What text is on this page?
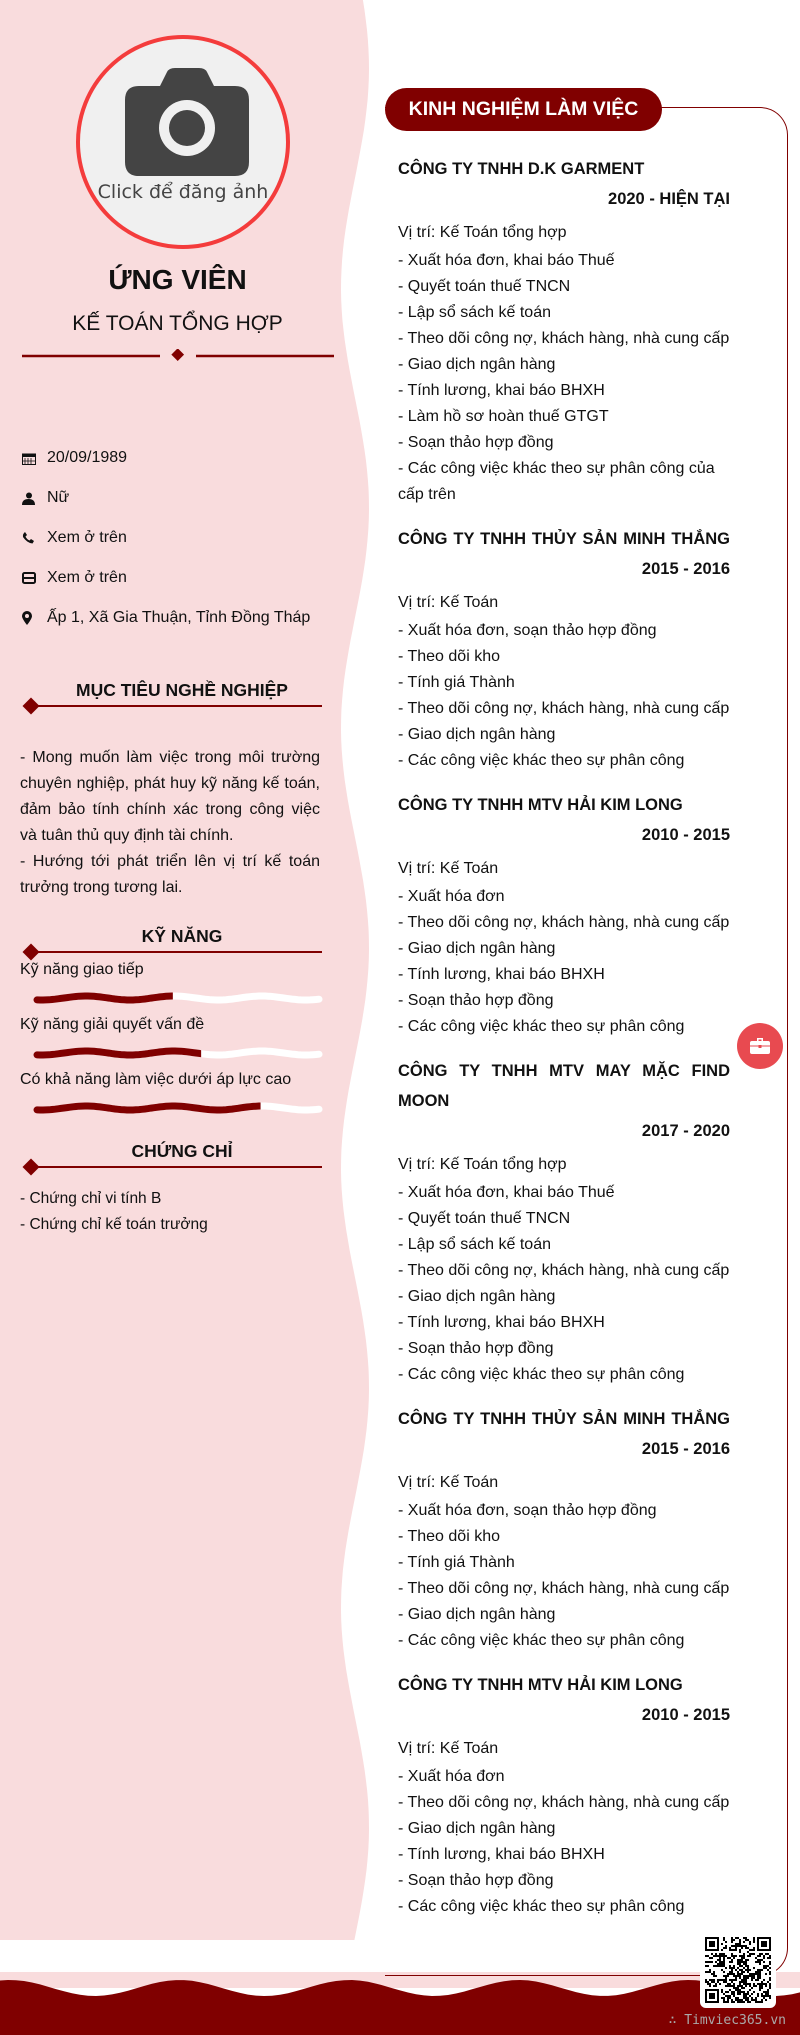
Click để đăng ảnh
ỨNG VIÊN
KẾ TOÁN TỔNG HỢP
20/09/1989
Nữ
Xem ở trên
Xem ở trên
Ấp 1, Xã Gia Thuận, Tỉnh Đồng Tháp
MỤC TIÊU NGHỀ NGHIỆP
- Mong muốn làm việc trong môi trường chuyên nghiệp, phát huy kỹ năng kế toán, đảm bảo tính chính xác trong công việc và tuân thủ quy định tài chính.
- Hướng tới phát triển lên vị trí kế toán trưởng trong tương lai.
KỸ NĂNG
Kỹ năng giao tiếp
Kỹ năng giải quyết vấn đề
Có khả năng làm việc dưới áp lực cao
CHỨNG CHỈ
- Chứng chỉ vi tính B
- Chứng chỉ kế toán trưởng
KINH NGHIỆM LÀM VIỆC
CÔNG TY TNHH D.K GARMENT
2020 - HIỆN TẠI
Vị trí: Kế Toán tổng hợp
- Xuất hóa đơn, khai báo Thuế
- Quyết toán thuế TNCN
- Lập sổ sách kế toán
- Theo dõi công nợ, khách hàng, nhà cung cấp
- Giao dịch ngân hàng
- Tính lương, khai báo BHXH
- Làm hồ sơ hoàn thuế GTGT
- Soạn thảo hợp đồng
- Các công việc khác theo sự phân công của cấp trên
CÔNG TY TNHH THỦY SẢN MINH THẮNG
2015 - 2016
Vị trí: Kế Toán
- Xuất hóa đơn, soạn thảo hợp đồng
- Theo dõi kho
- Tính giá Thành
- Theo dõi công nợ, khách hàng, nhà cung cấp
- Giao dịch ngân hàng
- Các công việc khác theo sự phân công
CÔNG TY TNHH MTV HẢI KIM LONG
2010 - 2015
Vị trí: Kế Toán
- Xuất hóa đơn
- Theo dõi công nợ, khách hàng, nhà cung cấp
- Giao dịch ngân hàng
- Tính lương, khai báo BHXH
- Soạn thảo hợp đồng
- Các công việc khác theo sự phân công
CÔNG TY TNHH MTV MAY MẶC FIND MOON
2017 - 2020
Vị trí: Kế Toán tổng hợp
- Xuất hóa đơn, khai báo Thuế
- Quyết toán thuế TNCN
- Lập sổ sách kế toán
- Theo dõi công nợ, khách hàng, nhà cung cấp
- Giao dịch ngân hàng
- Tính lương, khai báo BHXH
- Soạn thảo hợp đồng
- Các công việc khác theo sự phân công
CÔNG TY TNHH THỦY SẢN MINH THẮNG
2015 - 2016
Vị trí: Kế Toán
- Xuất hóa đơn, soạn thảo hợp đồng
- Theo dõi kho
- Tính giá Thành
- Theo dõi công nợ, khách hàng, nhà cung cấp
- Giao dịch ngân hàng
- Các công việc khác theo sự phân công
CÔNG TY TNHH MTV HẢI KIM LONG
2010 - 2015
Vị trí: Kế Toán
- Xuất hóa đơn
- Theo dõi công nợ, khách hàng, nhà cung cấp
- Giao dịch ngân hàng
- Tính lương, khai báo BHXH
- Soạn thảo hợp đồng
- Các công việc khác theo sự phân công
∴ Timviec365.vn
